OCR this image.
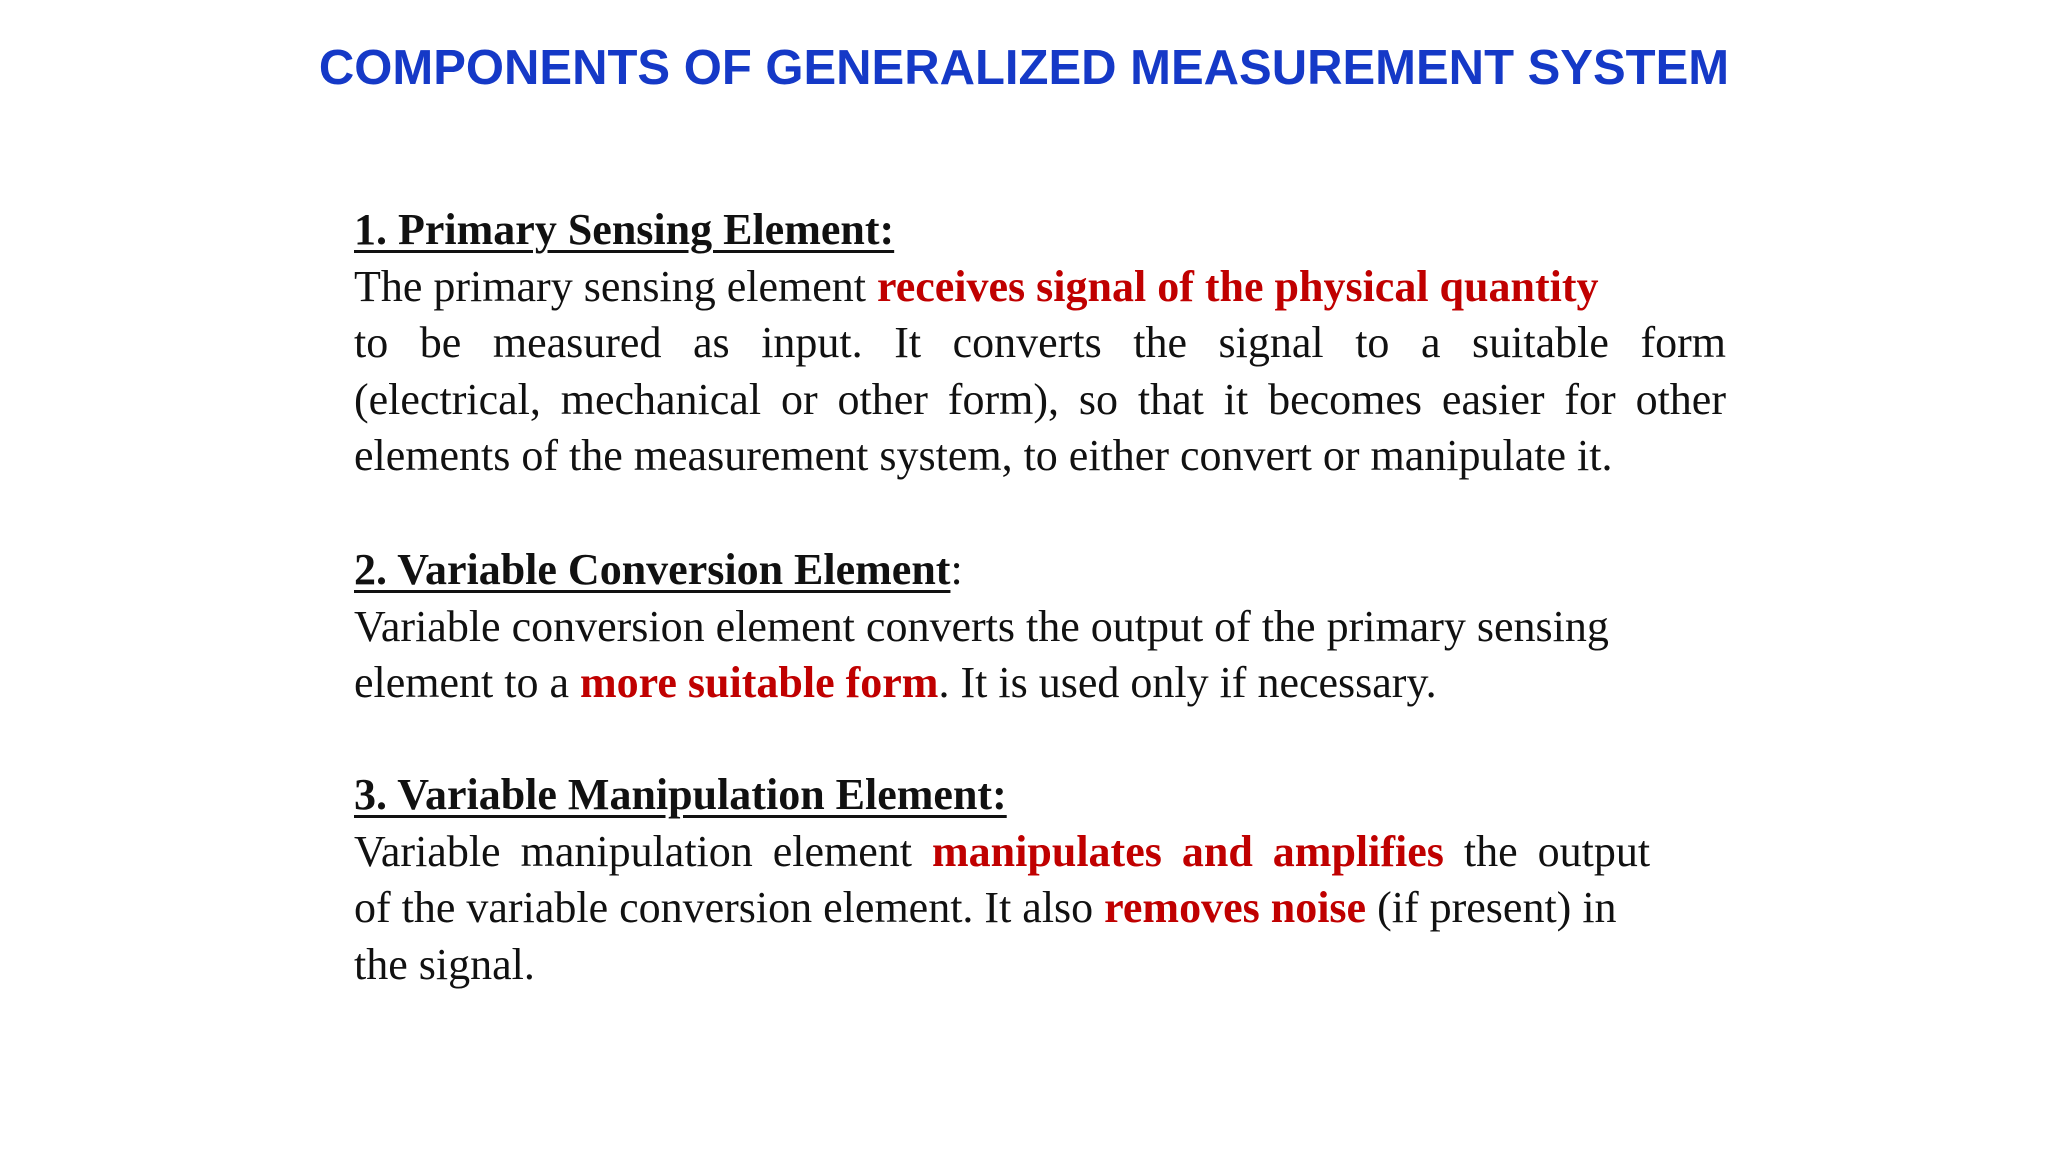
COMPONENTS OF GENERALIZED MEASUREMENT SYSTEM
1. Primary Sensing Element:
The primary sensing element receives signal of the physical quantity
to be measured as input. It converts the signal to a suitable form
(electrical, mechanical or other form), so that it becomes easier for other
elements of the measurement system, to either convert or manipulate it.
2. Variable Conversion Element:
Variable conversion element converts the output of the primary sensing
element to a more suitable form. It is used only if necessary.
3. Variable Manipulation Element:
Variable manipulation element manipulates and amplifies the output
of the variable conversion element. It also removes noise (if present) in
the signal.
